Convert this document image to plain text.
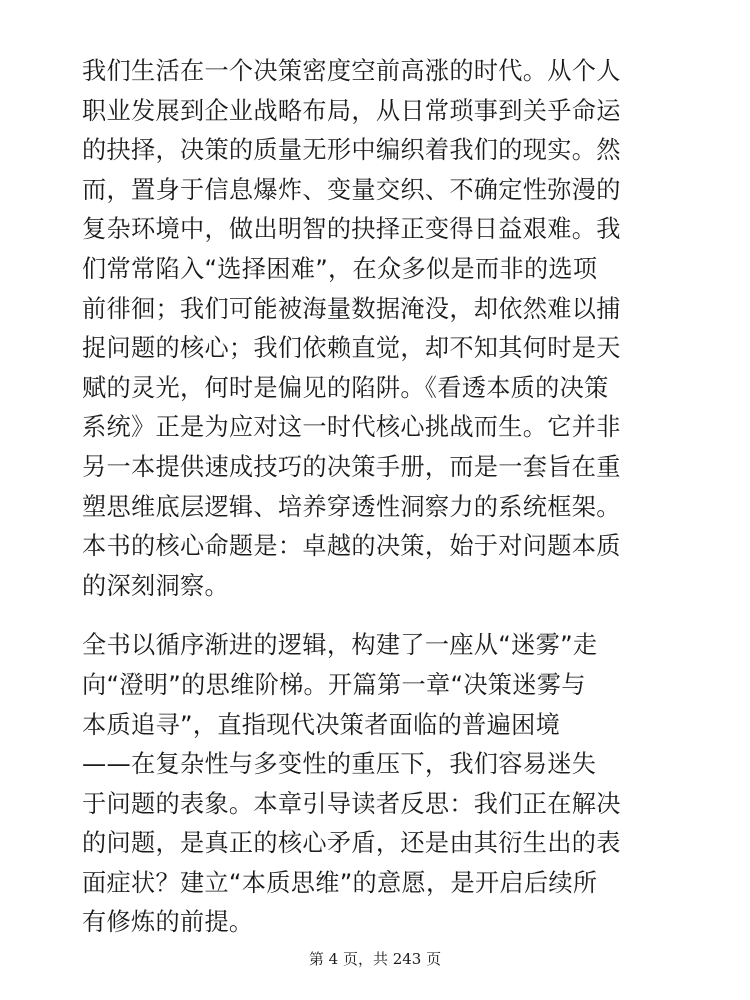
我们生活在一个决策密度空前高涨的时代。从个人
职业发展到企业战略布局，从日常琐事到关乎命运
的抉择，决策的质量无形中编织着我们的现实。然
而，置身于信息爆炸、变量交织、不确定性弥漫的
复杂环境中，做出明智的抉择正变得日益艰难。我
们常常陷入“选择困难”，在众多似是而非的选项
前徘徊；我们可能被海量数据淹没，却依然难以捕
捉问题的核心；我们依赖直觉，却不知其何时是天
赋的灵光，何时是偏见的陷阱。《看透本质的决策
系统》正是为应对这一时代核心挑战而生。它并非
另一本提供速成技巧的决策手册，而是一套旨在重
塑思维底层逻辑、培养穿透性洞察力的系统框架。
本书的核心命题是：卓越的决策，始于对问题本质
的深刻洞察。
全书以循序渐进的逻辑，构建了一座从“迷雾”走
向“澄明”的思维阶梯。开篇第一章“决策迷雾与
本质追寻”，直指现代决策者面临的普遍困境
——在复杂性与多变性的重压下，我们容易迷失
于问题的表象。本章引导读者反思：我们正在解决
的问题，是真正的核心矛盾，还是由其衍生出的表
面症状？建立“本质思维”的意愿，是开启后续所
有修炼的前提。
第 4 页，共 243 页
